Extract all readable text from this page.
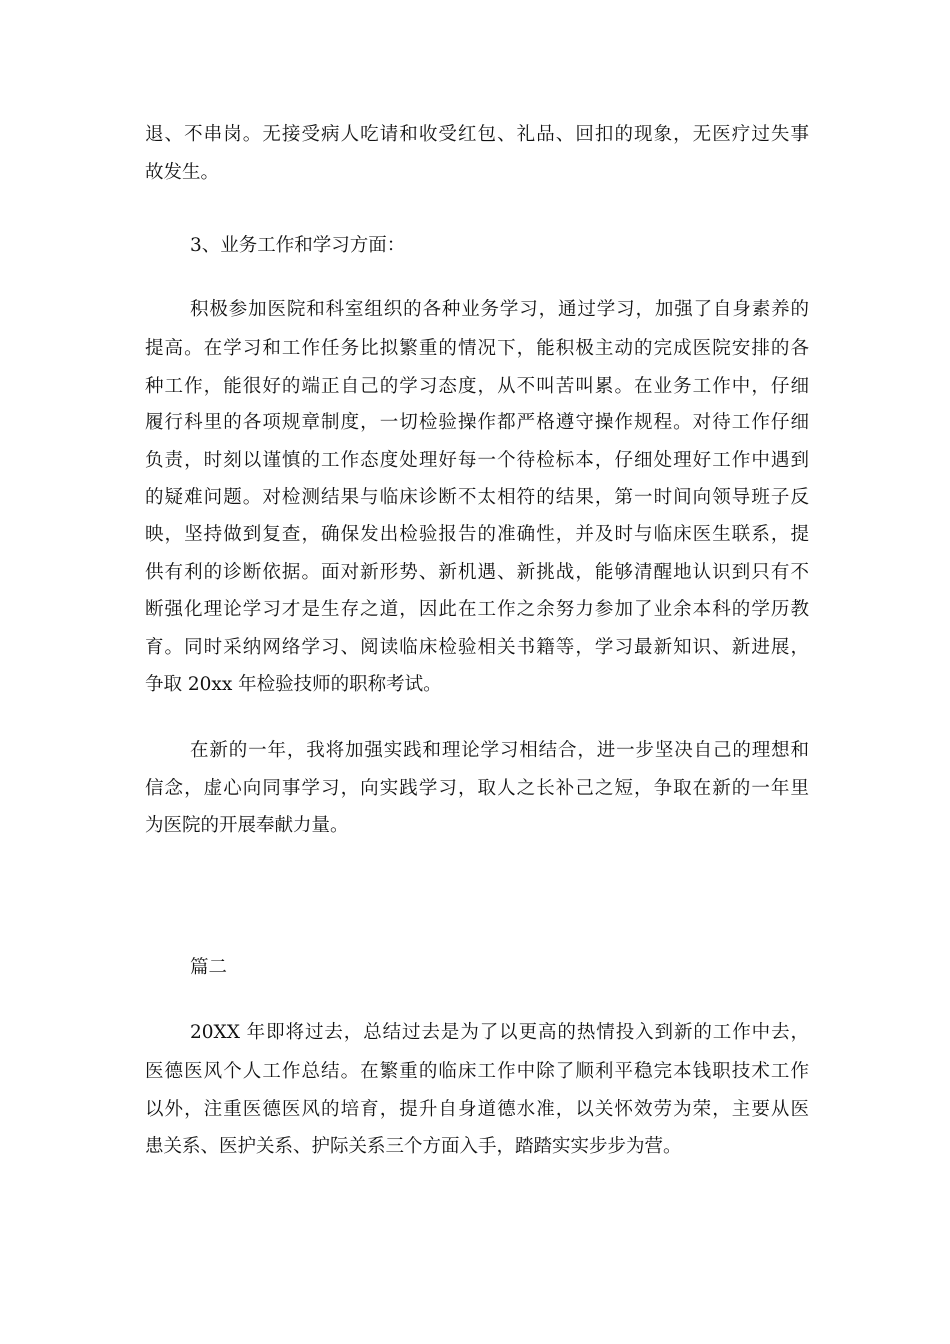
退、不串岗。无接受病人吃请和收受红包、礼品、回扣的现象，无医疗过失事
故发生。
3、业务工作和学习方面：
积极参加医院和科室组织的各种业务学习，通过学习，加强了自身素养的
提高。在学习和工作任务比拟繁重的情况下，能积极主动的完成医院安排的各
种工作，能很好的端正自己的学习态度，从不叫苦叫累。在业务工作中，仔细
履行科里的各项规章制度，一切检验操作都严格遵守操作规程。对待工作仔细
负责，时刻以谨慎的工作态度处理好每一个待检标本，仔细处理好工作中遇到
的疑难问题。对检测结果与临床诊断不太相符的结果，第一时间向领导班子反
映，坚持做到复查，确保发出检验报告的准确性，并及时与临床医生联系，提
供有利的诊断依据。面对新形势、新机遇、新挑战，能够清醒地认识到只有不
断强化理论学习才是生存之道，因此在工作之余努力参加了业余本科的学历教
育。同时采纳网络学习、阅读临床检验相关书籍等，学习最新知识、新进展，
争取 20xx 年检验技师的职称考试。
在新的一年，我将加强实践和理论学习相结合，进一步坚决自己的理想和
信念，虚心向同事学习，向实践学习，取人之长补己之短，争取在新的一年里
为医院的开展奉献力量。
篇二
20XX 年即将过去，总结过去是为了以更高的热情投入到新的工作中去，
医德医风个人工作总结。在繁重的临床工作中除了顺利平稳完本钱职技术工作
以外，注重医德医风的培育，提升自身道德水准，以关怀效劳为荣，主要从医
患关系、医护关系、护际关系三个方面入手，踏踏实实步步为营。
